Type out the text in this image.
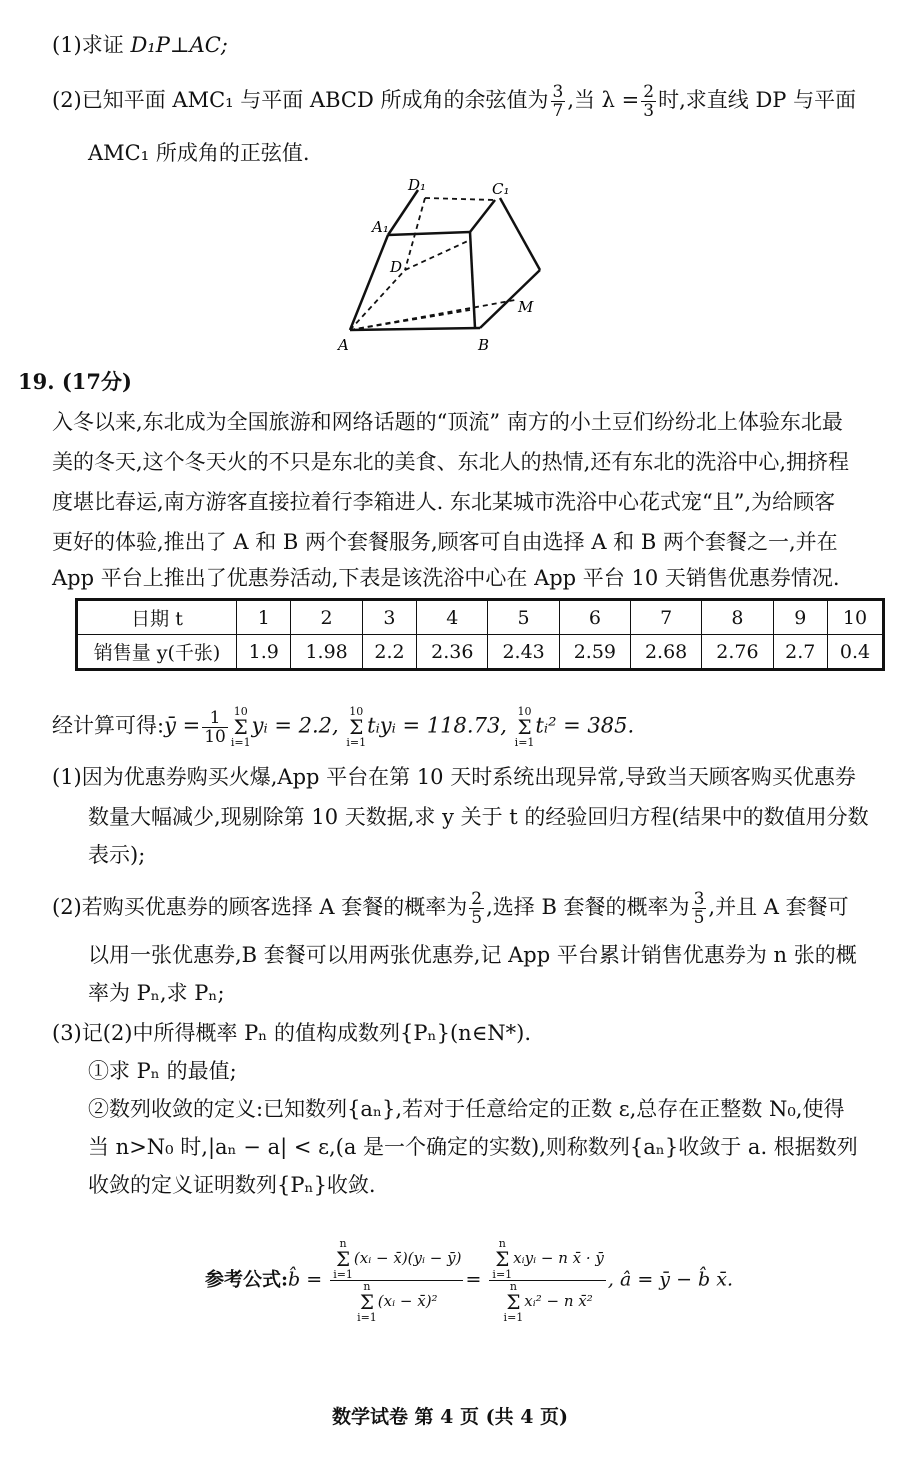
(1)求证 D₁P⊥AC;
(2)已知平面 AMC₁ 与平面 ABCD 所成角的余弦值为 $\frac{3}{7}$ ,当 $\lambda = \frac{2}{3}$ 时,求直线 DP 与平面
AMC₁ 所成角的正弦值.
D₁	C₁
A₁
D
M
A	B
19. (17分)
入冬以来,东北成为全国旅游和网络话题的“顶流” 南方的小土豆们纷纷北上体验东北最
美的冬天,这个冬天火的不只是东北的美食、东北人的热情,还有东北的洗浴中心,拥挤程
度堪比春运,南方游客直接拉着行李箱进人. 东北某城市洗浴中心花式宠“且”,为给顾客
更好的体验,推出了 A 和 B 两个套餐服务,顾客可自由选择 A 和 B 两个套餐之一,并在
App 平台上推出了优惠券活动,下表是该洗浴中心在 App 平台 10 天销售优惠券情况.
日期 t	1	2	3	4	5	6	7	8	9	10
销售量 y(千张)	1.9	1.98	2.2	2.36	2.43	2.59	2.68	2.76	2.7	0.4
经计算可得:ȳ = $\frac{1}{10} 10$
Σ
i=1yᵢ = 2.2, 10
Σ
i=1tᵢyᵢ = 118.73, 10
Σ
i=1tᵢ² = 385.
(1)因为优惠券购买火爆,App 平台在第 10 天时系统出现异常,导致当天顾客购买优惠券
数量大幅减少,现剔除第 10 天数据,求 y 关于 t 的经验回归方程(结果中的数值用分数
表示);
(2)若购买优惠券的顾客选择 A 套餐的概率为 $\frac{2}{5}$ ,选择 B 套餐的概率为 $\frac{3}{5}$ ,并且 A 套餐可
以用一张优惠券,B 套餐可以用两张优惠券,记 App 平台累计销售优惠券为 n 张的概
率为 Pₙ,求 Pₙ;
(3)记(2)中所得概率 Pₙ 的值构成数列{Pₙ}(n∈N*).
①求 Pₙ 的最值;
②数列收敛的定义:已知数列{aₙ},若对于任意给定的正数 ε,总存在正整数 N₀,使得
当 n>N₀ 时,|aₙ − a| < ε,(a 是一个确定的实数),则称数列{aₙ}收敛于 a. 根据数列
收敛的定义证明数列{Pₙ}收敛.
参考公式:b̂ = n
Σ
i=1(xᵢ − x̄)(yᵢ − ȳ)
n
Σ
i=1(xᵢ − x̄)² = n
Σ
i=1xᵢyᵢ − n x̄ · ȳ
n
Σ
i=1xᵢ² − n x̄² , â = ȳ − b̂ x̄.
数学试卷 第 4 页 (共 4 页)
